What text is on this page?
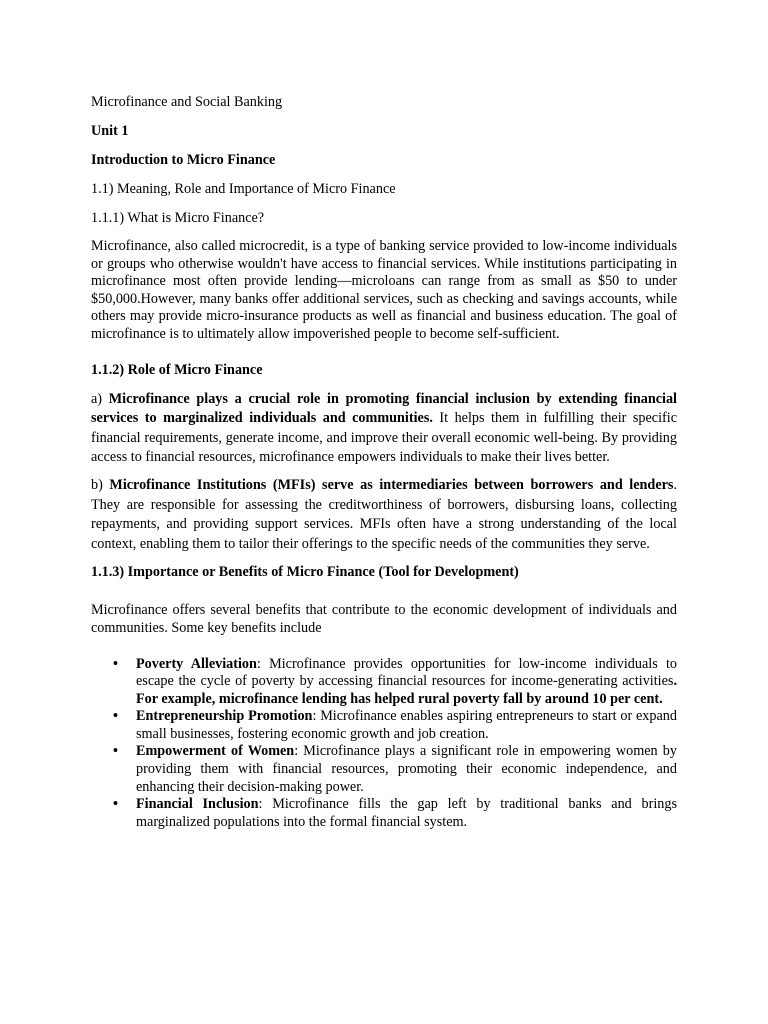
Microfinance and Social Banking

Unit 1

Introduction to Micro Finance

1.1) Meaning, Role and Importance of Micro Finance

1.1.1) What is Micro Finance?

Microfinance, also called microcredit, is a type of banking service provided to low-income individuals or groups who otherwise wouldn't have access to financial services. While institutions participating in microfinance most often provide lending—microloans can range from as small as $50 to under $50,000.However, many banks offer additional services, such as checking and savings accounts, while others may provide micro-insurance products as well as financial and business education. The goal of microfinance is to ultimately allow impoverished people to become self-sufficient.

1.1.2) Role of Micro Finance

a) Microfinance plays a crucial role in promoting financial inclusion by extending financial services to marginalized individuals and communities. It helps them in fulfilling their specific financial requirements, generate income, and improve their overall economic well-being. By providing access to financial resources, microfinance empowers individuals to make their lives better.

b) Microfinance Institutions (MFIs) serve as intermediaries between borrowers and lenders. They are responsible for assessing the creditworthiness of borrowers, disbursing loans, collecting repayments, and providing support services. MFIs often have a strong understanding of the local context, enabling them to tailor their offerings to the specific needs of the communities they serve.

1.1.3) Importance or Benefits of Micro Finance (Tool for Development)

Microfinance offers several benefits that contribute to the economic development of individuals and communities. Some key benefits include

• Poverty Alleviation: Microfinance provides opportunities for low-income individuals to escape the cycle of poverty by accessing financial resources for income-generating activities. For example, microfinance lending has helped rural poverty fall by around 10 per cent.
• Entrepreneurship Promotion: Microfinance enables aspiring entrepreneurs to start or expand small businesses, fostering economic growth and job creation.
• Empowerment of Women: Microfinance plays a significant role in empowering women by providing them with financial resources, promoting their economic independence, and enhancing their decision-making power.
• Financial Inclusion: Microfinance fills the gap left by traditional banks and brings marginalized populations into the formal financial system.
